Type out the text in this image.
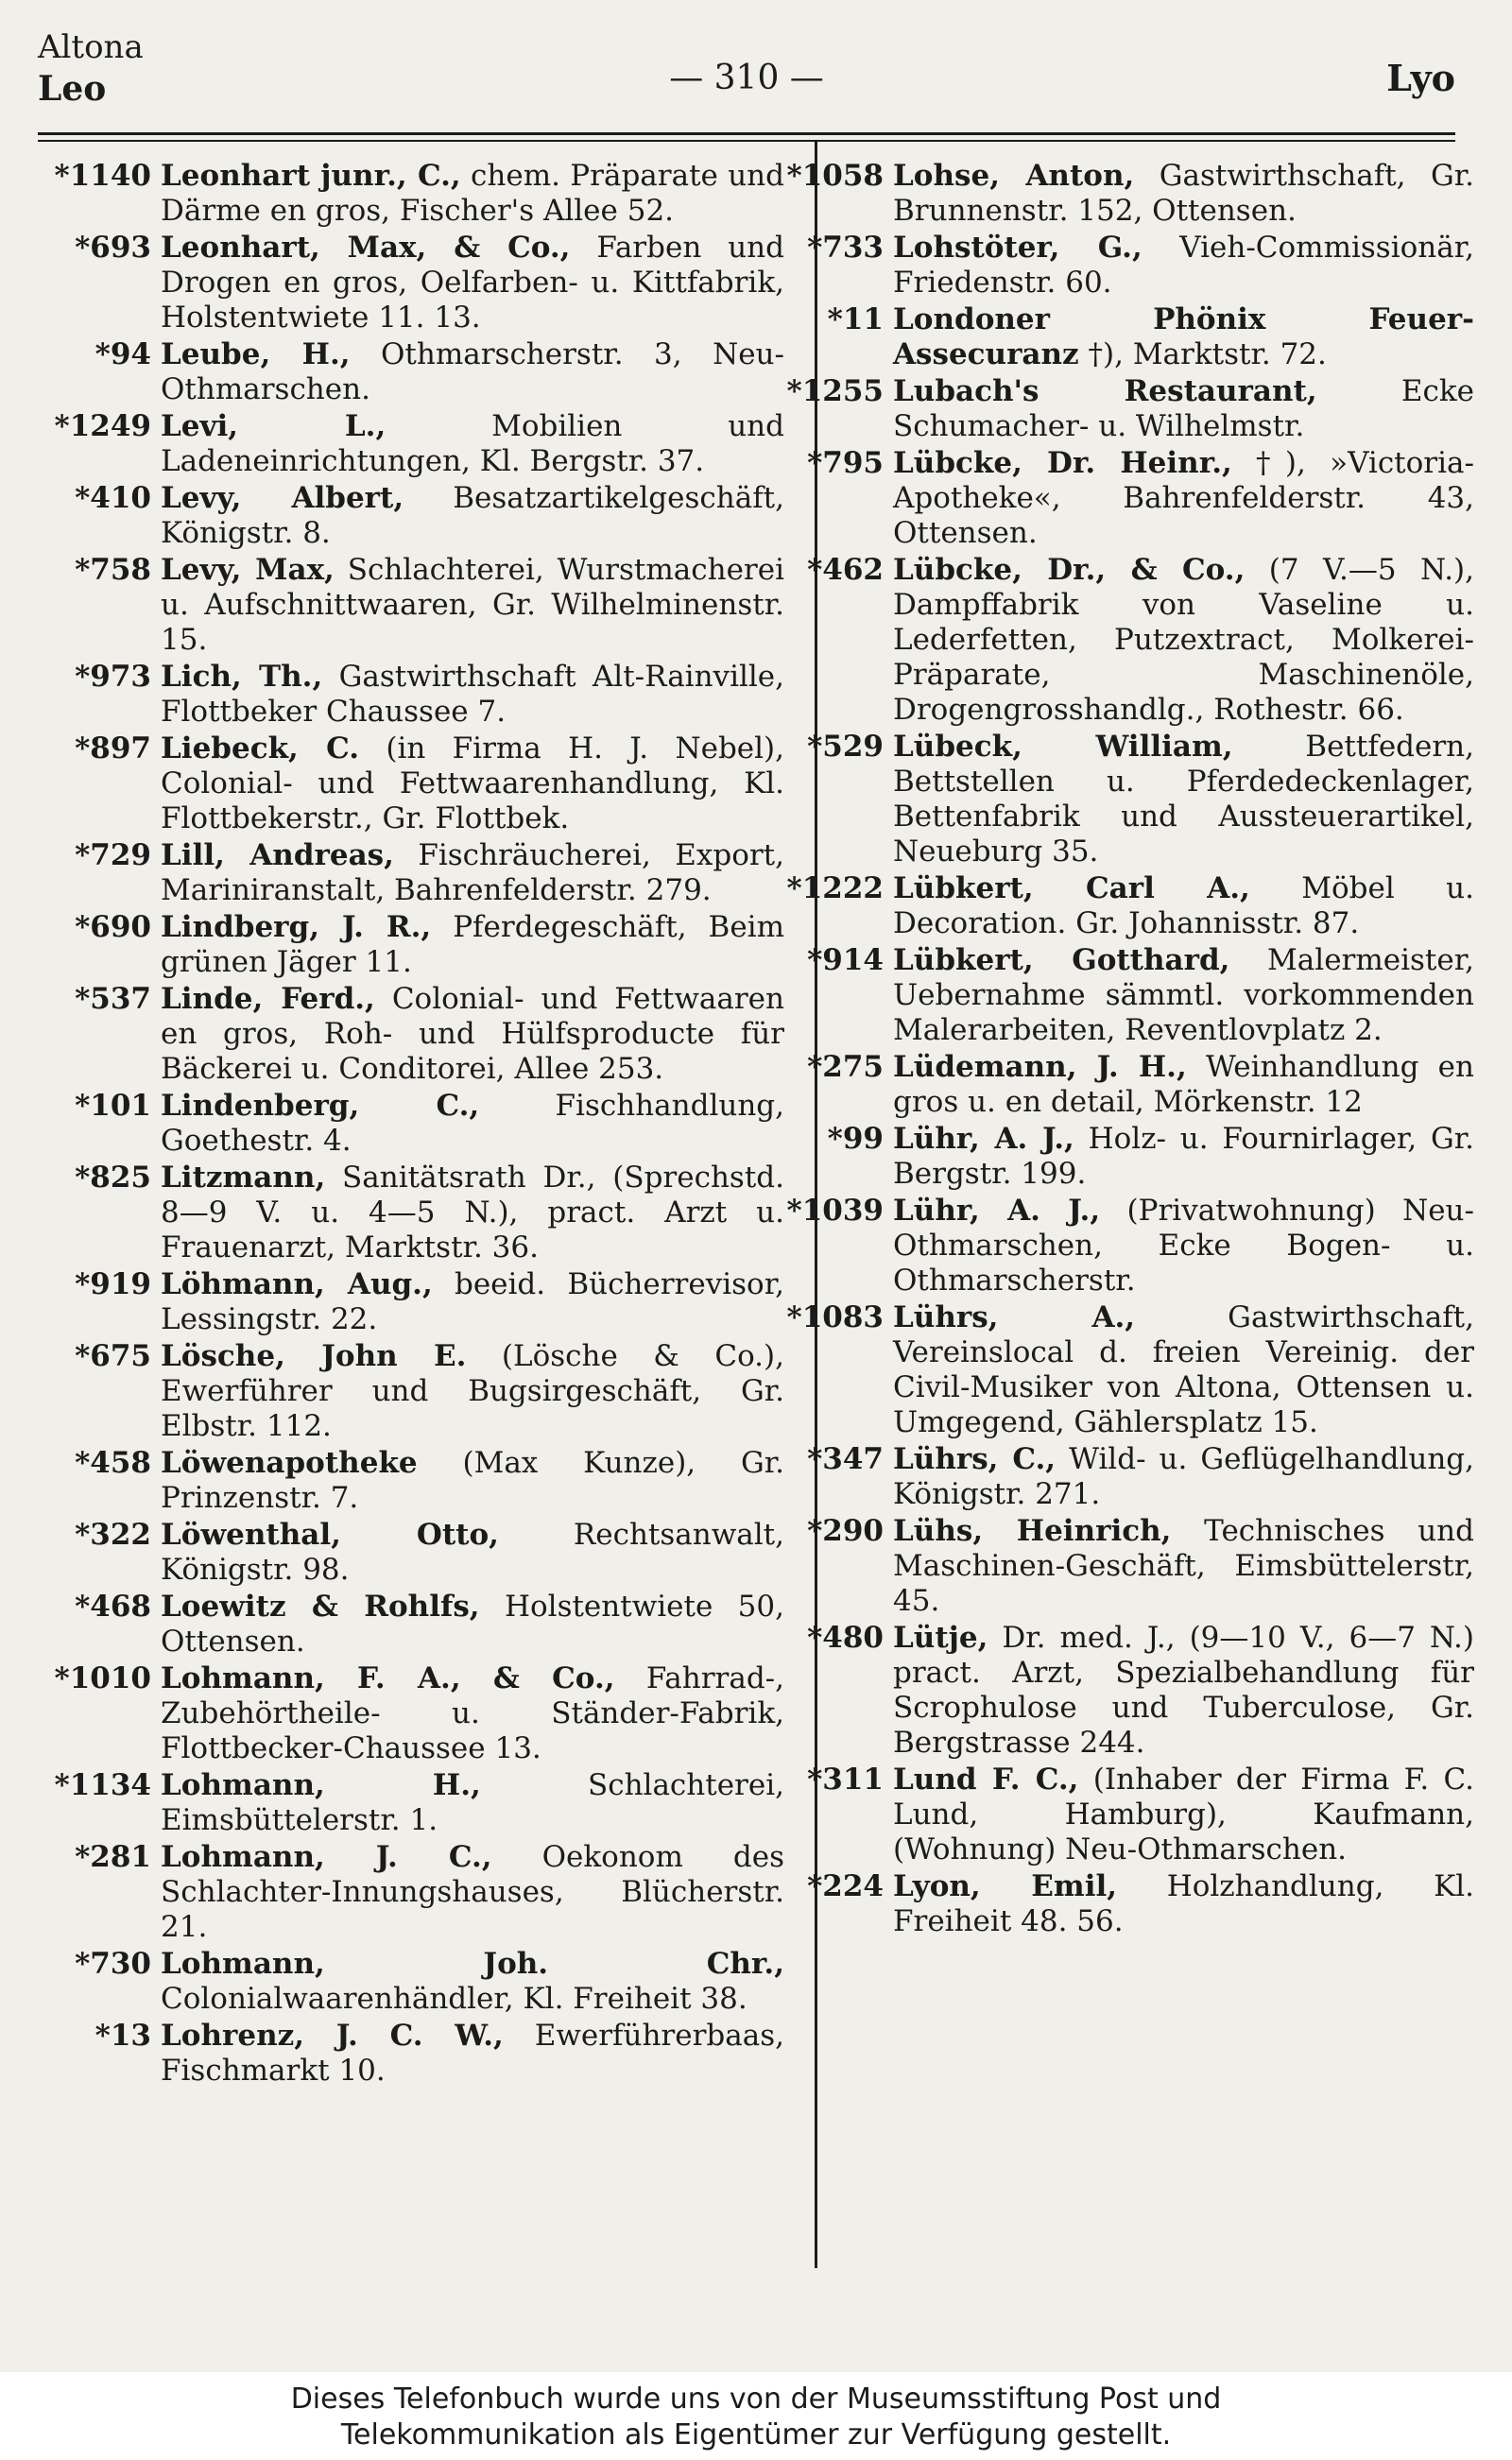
Altona
Leo	— 310 —	Lyo
*1140 Leonhart junr., C., chem. Präparate und Därme en gros, Fischer's Allee 52.
*693 Leonhart, Max, & Co., Farben und Drogen en gros, Oelfarben- u. Kittfabrik, Holstentwiete 11. 13.
*94 Leube, H., Othmarscherstr. 3, Neu-Othmarschen.
*1249 Levi, L., Mobilien und Ladeneinrichtungen, Kl. Bergstr. 37.
*410 Levy, Albert, Besatzartikelgeschäft, Königstr. 8.
*758 Levy, Max, Schlachterei, Wurstmacherei u. Aufschnittwaaren, Gr. Wilhelminenstr. 15.
*973 Lich, Th., Gastwirthschaft Alt-Rainville, Flottbeker Chaussee 7.
*897 Liebeck, C. (in Firma H. J. Nebel), Colonial- und Fettwaarenhandlung, Kl. Flottbekerstr., Gr. Flottbek.
*729 Lill, Andreas, Fischräucherei, Export, Mariniranstalt, Bahrenfelderstr. 279.
*690 Lindberg, J. R., Pferdegeschäft, Beim grünen Jäger 11.
*537 Linde, Ferd., Colonial- und Fettwaaren en gros, Roh- und Hülfsproducte für Bäckerei u. Conditorei, Allee 253.
*101 Lindenberg, C., Fischhandlung, Goethestr. 4.
*825 Litzmann, Sanitätsrath Dr., (Sprechstd. 8—9 V. u. 4—5 N.), pract. Arzt u. Frauenarzt, Marktstr. 36.
*919 Löhmann, Aug., beeid. Bücherrevisor, Lessingstr. 22.
*675 Lösche, John E. (Lösche & Co.), Ewerführer und Bugsirgeschäft, Gr. Elbstr. 112.
*458 Löwenapotheke (Max Kunze), Gr. Prinzenstr. 7.
*322 Löwenthal, Otto, Rechtsanwalt, Königstr. 98.
*468 Loewitz & Rohlfs, Holstentwiete 50, Ottensen.
*1010 Lohmann, F. A., & Co., Fahrrad-, Zubehörtheile- u. Ständer-Fabrik, Flottbecker-Chaussee 13.
*1134 Lohmann, H., Schlachterei, Eimsbüttelerstr. 1.
*281 Lohmann, J. C., Oekonom des Schlachter-Innungshauses, Blücherstr. 21.
*730 Lohmann, Joh. Chr., Colonialwaarenhändler, Kl. Freiheit 38.
*13 Lohrenz, J. C. W., Ewerführerbaas, Fischmarkt 10.
*1058 Lohse, Anton, Gastwirthschaft, Gr. Brunnenstr. 152, Ottensen.
*733 Lohstöter, G., Vieh-Commissionär, Friedenstr. 60.
*11 Londoner Phönix Feuer-Assecuranz †), Marktstr. 72.
*1255 Lubach's Restaurant, Ecke Schumacher- u. Wilhelmstr.
*795 Lübcke, Dr. Heinr., †), »Victoria-Apotheke«, Bahrenfelderstr. 43, Ottensen.
*462 Lübcke, Dr., & Co., (7 V.—5 N.), Dampffabrik von Vaseline u. Lederfetten, Putzextract, Molkerei-Präparate, Maschinenöle, Drogengrosshandlg., Rothestr. 66.
*529 Lübeck, William, Bettfedern, Bettstellen u. Pferdedeckenlager, Bettenfabrik und Aussteuerartikel, Neueburg 35.
*1222 Lübkert, Carl A., Möbel u. Decoration. Gr. Johannisstr. 87.
*914 Lübkert, Gotthard, Malermeister, Uebernahme sämmtl. vorkommenden Malerarbeiten, Reventlovplatz 2.
*275 Lüdemann, J. H., Weinhandlung en gros u. en detail, Mörkenstr. 12
*99 Lühr, A. J., Holz- u. Fournirlager, Gr. Bergstr. 199.
*1039 Lühr, A. J., (Privatwohnung) Neu-Othmarschen, Ecke Bogen- u. Othmarscherstr.
*1083 Lührs, A., Gastwirthschaft, Vereinslocal d. freien Vereinig. der Civil-Musiker von Altona, Ottensen u. Umgegend, Gählersplatz 15.
*347 Lührs, C., Wild- u. Geflügelhandlung, Königstr. 271.
*290 Lühs, Heinrich, Technisches und Maschinen-Geschäft, Eimsbüttelerstr, 45.
*480 Lütje, Dr. med. J., (9—10 V., 6—7 N.) pract. Arzt, Spezialbehandlung für Scrophulose und Tuberculose, Gr. Bergstrasse 244.
*311 Lund F. C., (Inhaber der Firma F. C. Lund, Hamburg), Kaufmann, (Wohnung) Neu-Othmarschen.
*224 Lyon, Emil, Holzhandlung, Kl. Freiheit 48. 56.
Dieses Telefonbuch wurde uns von der Museumsstiftung Post und
Telekommunikation als Eigentümer zur Verfügung gestellt.
